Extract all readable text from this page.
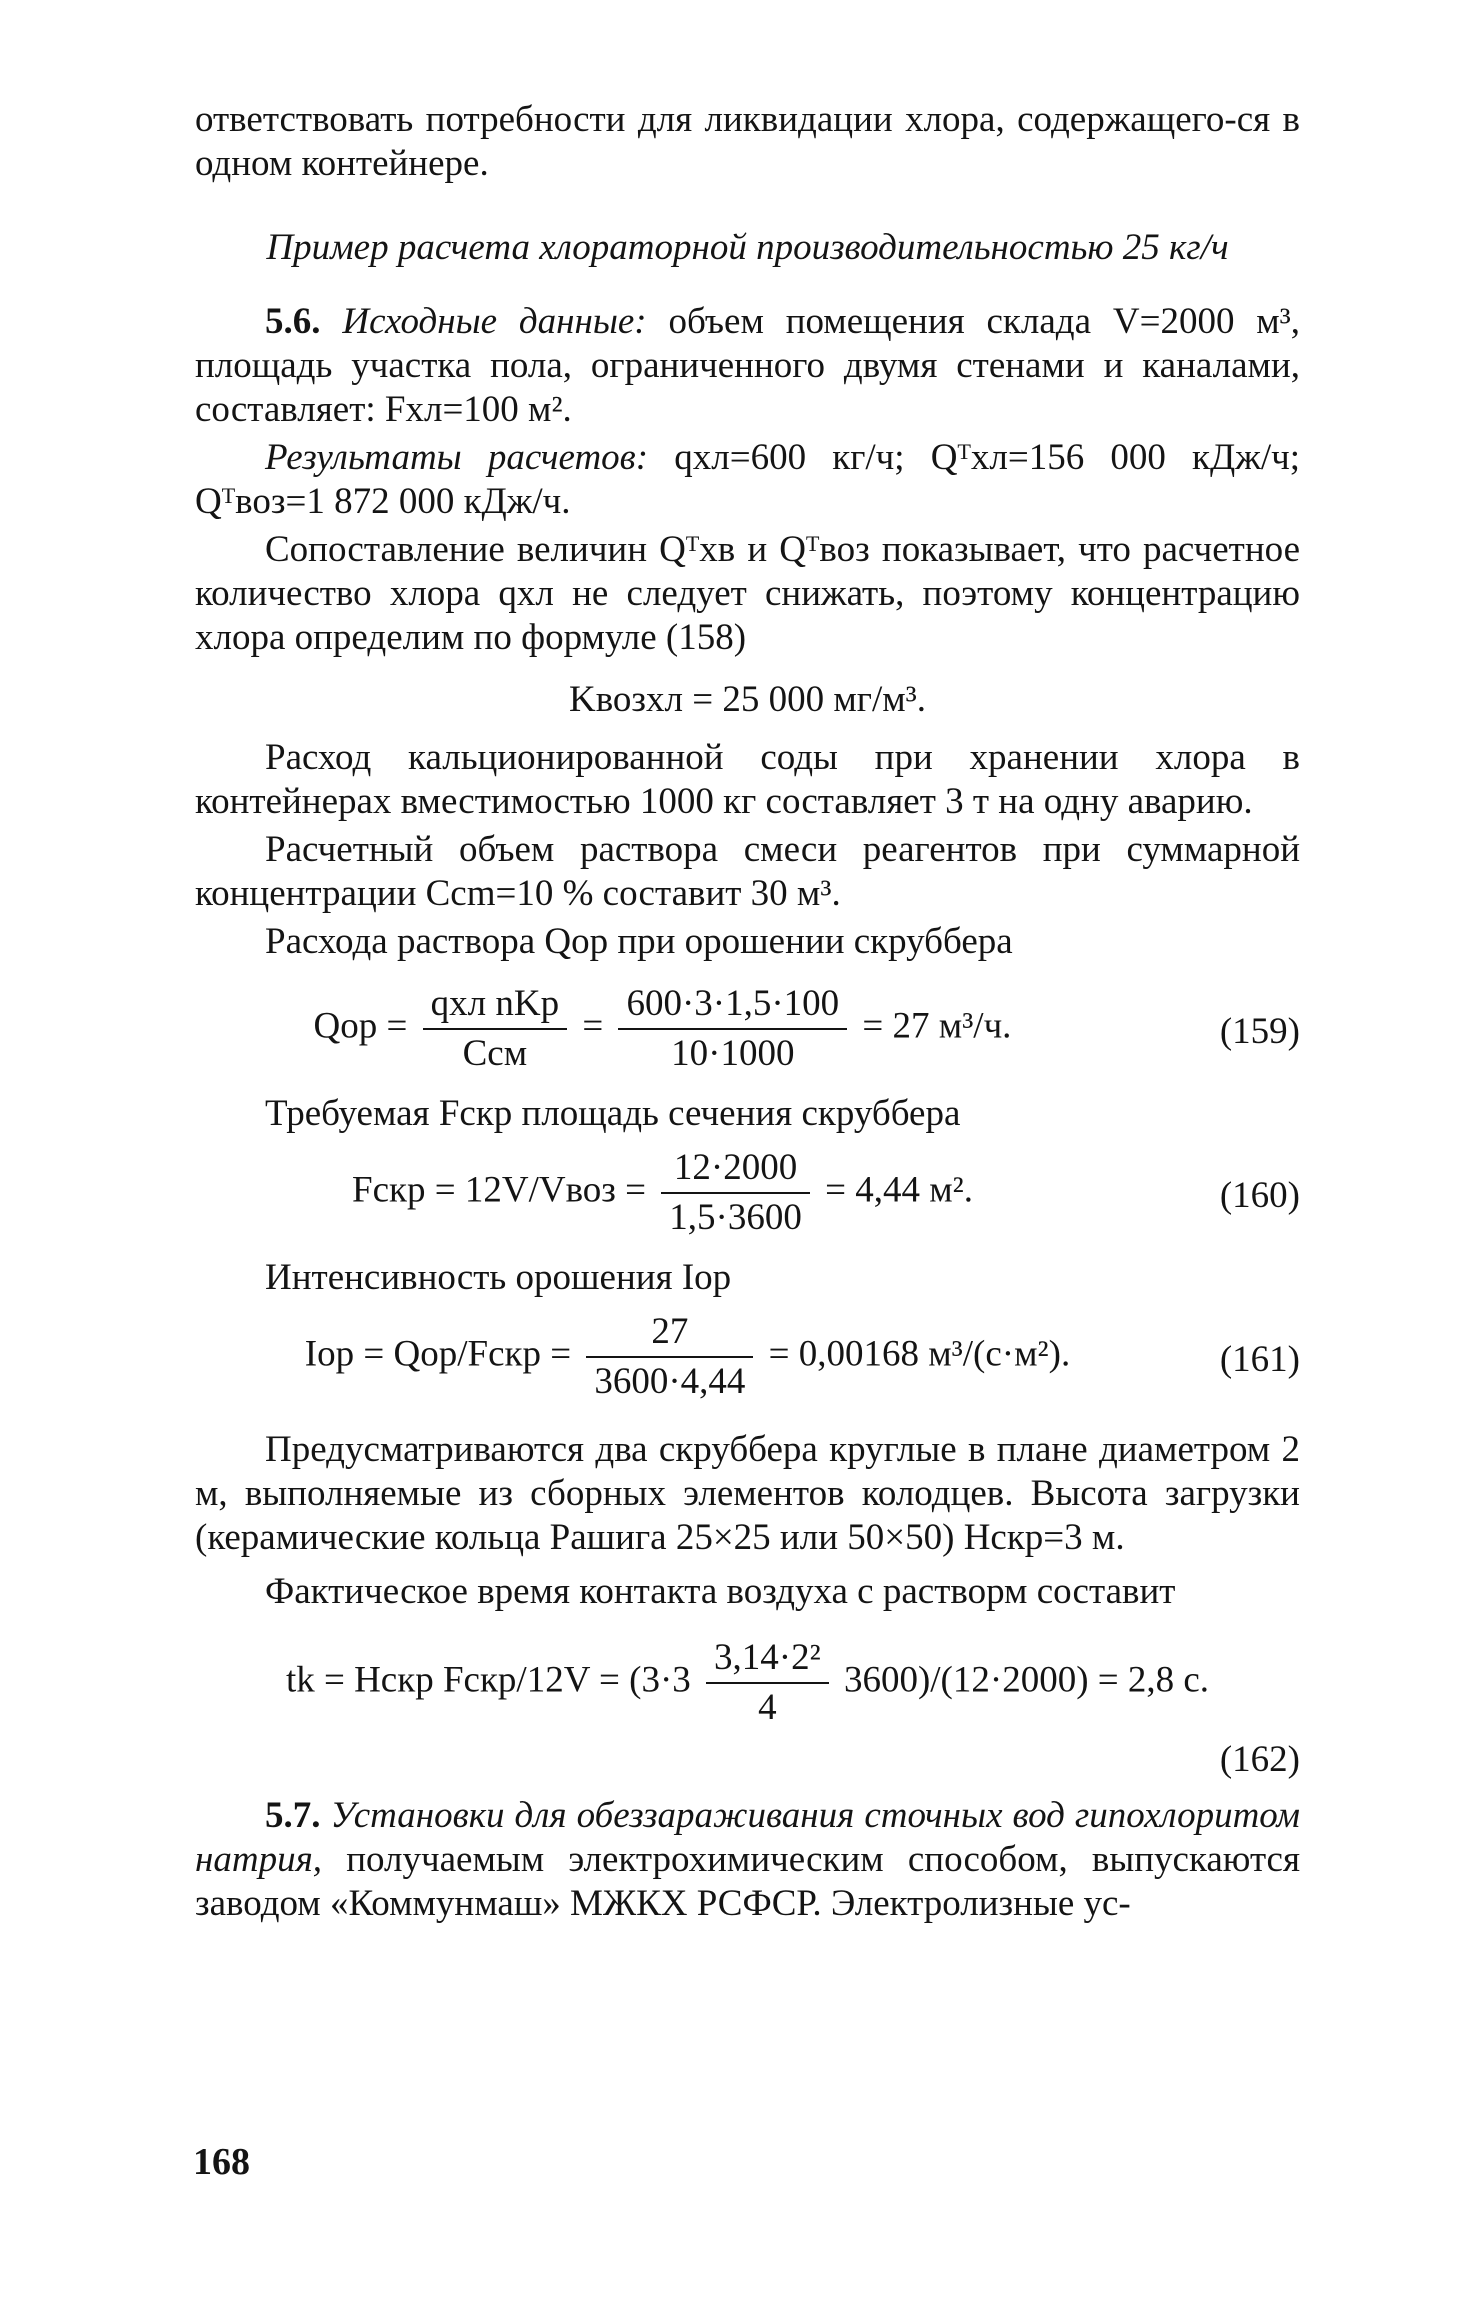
ответствовать потребности для ликвидации хлора, содержащего-ся в одном контейнере.

Пример расчета хлораторной производительностью 25 кг/ч

5.6. Исходные данные: объем помещения склада V=2000 м³, площадь участка пола, ограниченного двумя стенами и каналами, составляет: Fхл=100 м².

Результаты расчетов: qхл=600 кг/ч; Qᵀхл=156 000 кДж/ч; Qᵀвоз=1 872 000 кДж/ч.

Сопоставление величин Qᵀхв и Qᵀвоз показывает, что расчетное количество хлора qхл не следует снижать, поэтому концентрацию хлора определим по формуле (158)

Kвозхл = 25 000 мг/м³.

Расход кальционированной соды при хранении хлора в контейнерах вместимостью 1000 кг составляет 3 т на одну аварию.

Расчетный объем раствора смеси реагентов при суммарной концентрации Ccm=10 % составит 30 м³.

Расхода раствора Qор при орошении скруббера

Qор = $\frac{\text{qхл nKр}}{\text{Cсм}} = \frac{600\cdot 3\cdot 1,5\cdot 100}{10\cdot 1000} = 27$ м³/ч.	(159)

Требуемая Fскр площадь сечения скруббера

Fскр = 12V/Vвоз = $\frac{12\cdot 2000}{1,5\cdot 3600} = 4,44$ м².	(160)

Интенсивность орошения Iор

Iор = Qор/Fскр = $\frac{27}{3600\cdot 4,44} = 0,00168$ м³/(с·м²).	(161)

Предусматриваются два скруббера круглые в плане диаметром 2 м, выполняемые из сборных элементов колодцев. Высота загрузки (керамические кольца Рашига 25×25 или 50×50) Hскр=3 м.

Фактическое время контакта воздуха с растворм составит

tk = Hскр Fскр/12V = $(3\cdot 3 \frac{\text{3,14·2²}}{4} 3600)/(12\cdot 2000) = 2,8$ с.
(162)

5.7. Установки для обеззараживания сточных вод гипохлоритом натрия, получаемым электрохимическим способом, выпускаются заводом «Коммунмаш» МЖКХ РСФСР. Электролизные ус-

168
